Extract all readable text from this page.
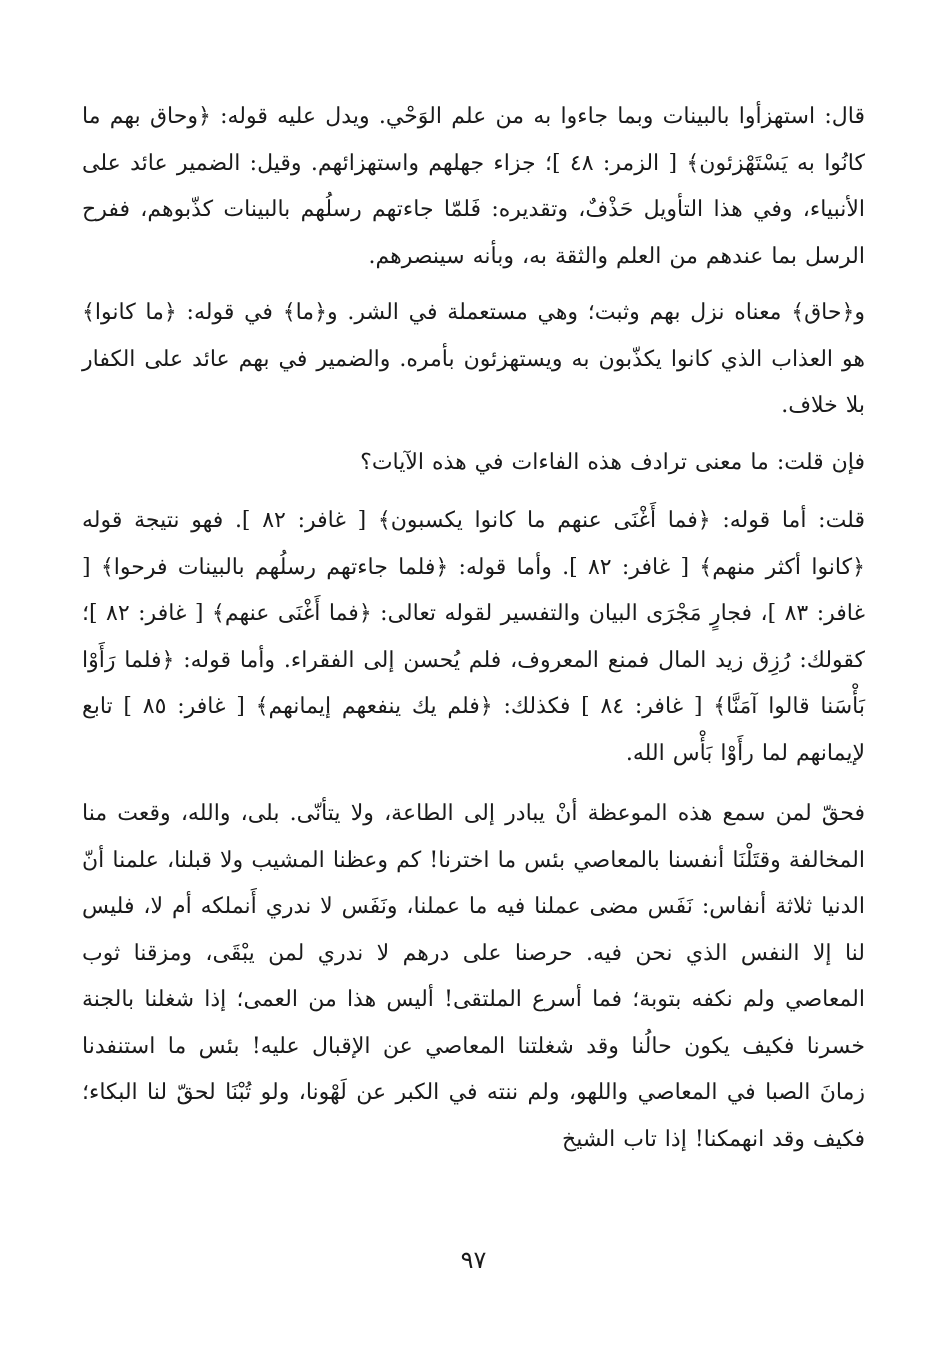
قال: استهزأوا بالبينات وبما جاءوا به من علم الوَحْي. ويدل عليه قوله: ﴿وحاق بهم ما كانُوا به يَسْتَهْزئون﴾ [ الزمر: ٤٨ ]؛ جزاء جهلهم واستهزائهم. وقيل: الضمير عائد على الأنبياء، وفي هذا التأويل حَذْفٌ، وتقديره: فَلمّا جاءتهم رسلُهم بالبينات كذّبوهم، ففرح الرسل بما عندهم من العلم والثقة به، وبأنه سينصرهم.

و﴿حاق﴾ معناه نزل بهم وثبت؛ وهي مستعملة في الشر. و﴿ما﴾ في قوله: ﴿ما كانوا﴾ هو العذاب الذي كانوا يكذّبون به ويستهزئون بأمره. والضمير في بهم عائد على الكفار بلا خلاف.

فإن قلت: ما معنى ترادف هذه الفاءات في هذه الآيات؟

قلت: أما قوله: ﴿فما أَغْنَى عنهم ما كانوا يكسبون﴾ [ غافر: ٨٢ ]. فهو نتيجة قوله ﴿كانوا أكثر منهم﴾ [ غافر: ٨٢ ]. وأما قوله: ﴿فلما جاءتهم رسلُهم بالبينات فرحوا﴾ [ غافر: ٨٣ ]، فجارٍ مَجْرَى البيان والتفسير لقوله تعالى: ﴿فما أَغْنَى عنهم﴾ [ غافر: ٨٢ ]؛ كقولك: رُزِق زيد المال فمنع المعروف، فلم يُحسن إلى الفقراء. وأما قوله: ﴿فلما رَأَوْا بَأْسَنا قالوا آمَنَّا﴾ [ غافر: ٨٤ ] فكذلك: ﴿فلم يك ينفعهم إيمانهم﴾ [ غافر: ٨٥ ] تابع لإيمانهم لما رأَوْا بَأْس الله.

فحقّ لمن سمع هذه الموعظة أنْ يبادر إلى الطاعة، ولا يتأنّى. بلى، والله، وقعت منا المخالفة وقتَلْنَا أنفسنا بالمعاصي بئس ما اخترنا! كم وعظنا المشيب ولا قبلنا، علمنا أنّ الدنيا ثلاثة أنفاس: نَفَس مضى عملنا فيه ما عملنا، ونَفَس لا ندري أَنملكه أم لا، فليس لنا إلا النفس الذي نحن فيه. حرصنا على درهم لا ندري لمن يبْقَى، ومزقنا ثوب المعاصي ولم نكفه بتوبة؛ فما أسرع الملتقى! أليس هذا من العمى؛ إذا شغلنا بالجنة خسرنا فكيف يكون حالُنا وقد شغلتنا المعاصي عن الإقبال عليه! بئس ما استنفدنا زمانَ الصبا في المعاصي واللهو، ولم ننته في الكبر عن لَهْونا، ولو تُبْنَا لحقّ لنا البكاء؛ فكيف وقد انهمكنا! إذا تاب الشيخ

٩٧
